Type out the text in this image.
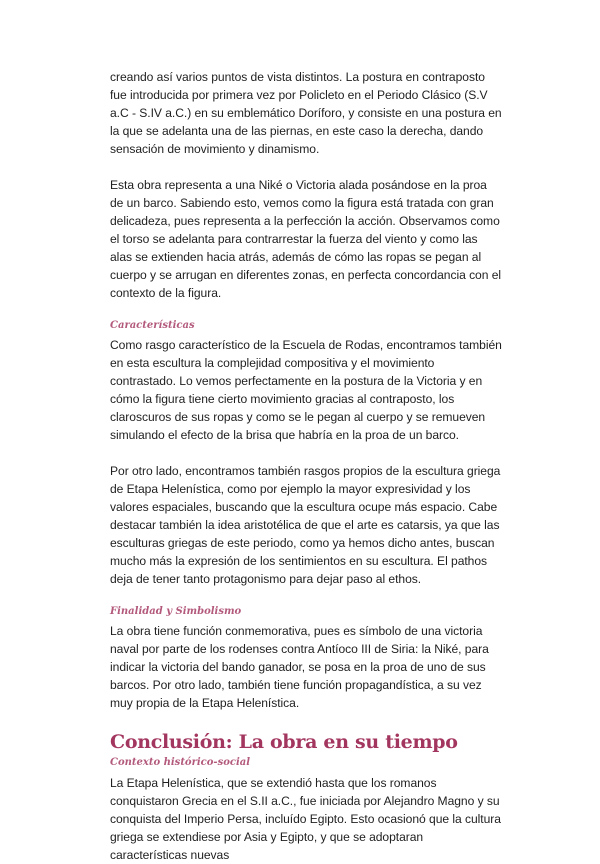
creando así varios puntos de vista distintos. La postura en contraposto fue introducida por primera vez por Policleto en el Periodo Clásico (S.V a.C - S.IV a.C.) en su emblemático Doríforo, y consiste en una postura en la que se adelanta una de las piernas, en este caso la derecha, dando sensación de movimiento y dinamismo.

Esta obra representa a una Niké o Victoria alada posándose en la proa de un barco. Sabiendo esto, vemos como la figura está tratada con gran delicadeza, pues representa a la perfección la acción. Observamos como el torso se adelanta para contrarrestar la fuerza del viento y como las alas se extienden hacia atrás, además de cómo las ropas se pegan al cuerpo y se arrugan en diferentes zonas, en perfecta concordancia con el contexto de la figura.

Características

Como rasgo característico de la Escuela de Rodas, encontramos también en esta escultura la complejidad compositiva y el movimiento contrastado. Lo vemos perfectamente en la postura de la Victoria y en cómo la figura tiene cierto movimiento gracias al contraposto, los claroscuros de sus ropas y como se le pegan al cuerpo y se remueven simulando el efecto de la brisa que habría en la proa de un barco.

Por otro lado, encontramos también rasgos propios de la escultura griega de Etapa Helenística, como por ejemplo la mayor expresividad y los valores espaciales, buscando que la escultura ocupe más espacio. Cabe destacar también la idea aristotélica de que el arte es catarsis, ya que las esculturas griegas de este periodo, como ya hemos dicho antes, buscan mucho más la expresión de los sentimientos en su escultura. El pathos deja de tener tanto protagonismo para dejar paso al ethos.

Finalidad y Simbolismo

La obra tiene función conmemorativa, pues es símbolo de una victoria naval por parte de los rodenses contra Antíoco III de Siria: la Niké, para indicar la victoria del bando ganador, se posa en la proa de uno de sus barcos. Por otro lado, también tiene función propagandística, a su vez muy propia de la Etapa Helenística.

Conclusión: La obra en su tiempo
Contexto histórico-social

La Etapa Helenística, que se extendió hasta que los romanos conquistaron Grecia en el S.II a.C., fue iniciada por Alejandro Magno y su conquista del Imperio Persa, incluído Egipto. Esto ocasionó que la cultura griega se extendiese por Asia y Egipto, y que se adoptaran características nuevas
